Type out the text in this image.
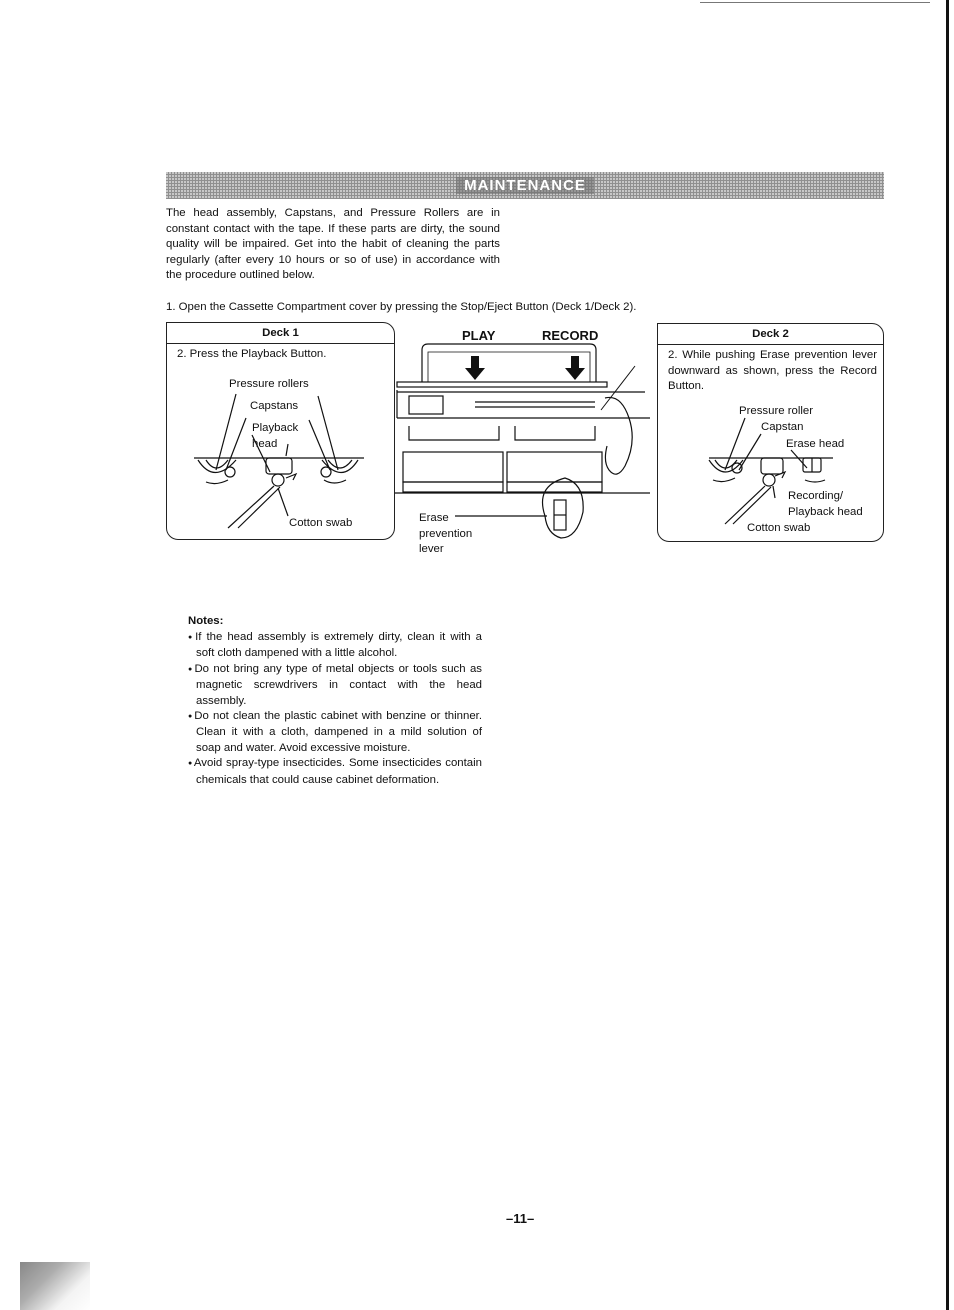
MAINTENANCE
The head assembly, Capstans, and Pressure Rollers are in constant contact with the tape. If these parts are dirty, the sound quality will be impaired. Get into the habit of cleaning the parts regularly (after every 10 hours or so of use) in accordance with the procedure outlined below.
1. Open the Cassette Compartment cover by pressing the Stop/Eject Button (Deck 1/Deck 2).
Deck 1
2. Press the Playback Button.
Pressure rollers
Capstans
Playback
head
Cotton swab
PLAY	RECORD
Erase
prevention
lever
Deck 2
2. While pushing Erase prevention lever downward as shown, press the Record Button.
Pressure roller
Capstan
Erase head
Recording/
Playback head
Cotton swab
Notes:
● If the head assembly is extremely dirty, clean it with a soft cloth dampened with a little alcohol.
● Do not bring any type of metal objects or tools such as magnetic screwdrivers in contact with the head assembly.
● Do not clean the plastic cabinet with benzine or thinner. Clean it with a cloth, dampened in a mild solution of soap and water. Avoid excessive moisture.
● Avoid spray-type insecticides. Some insecticides contain chemicals that could cause cabinet deformation.
–11–
